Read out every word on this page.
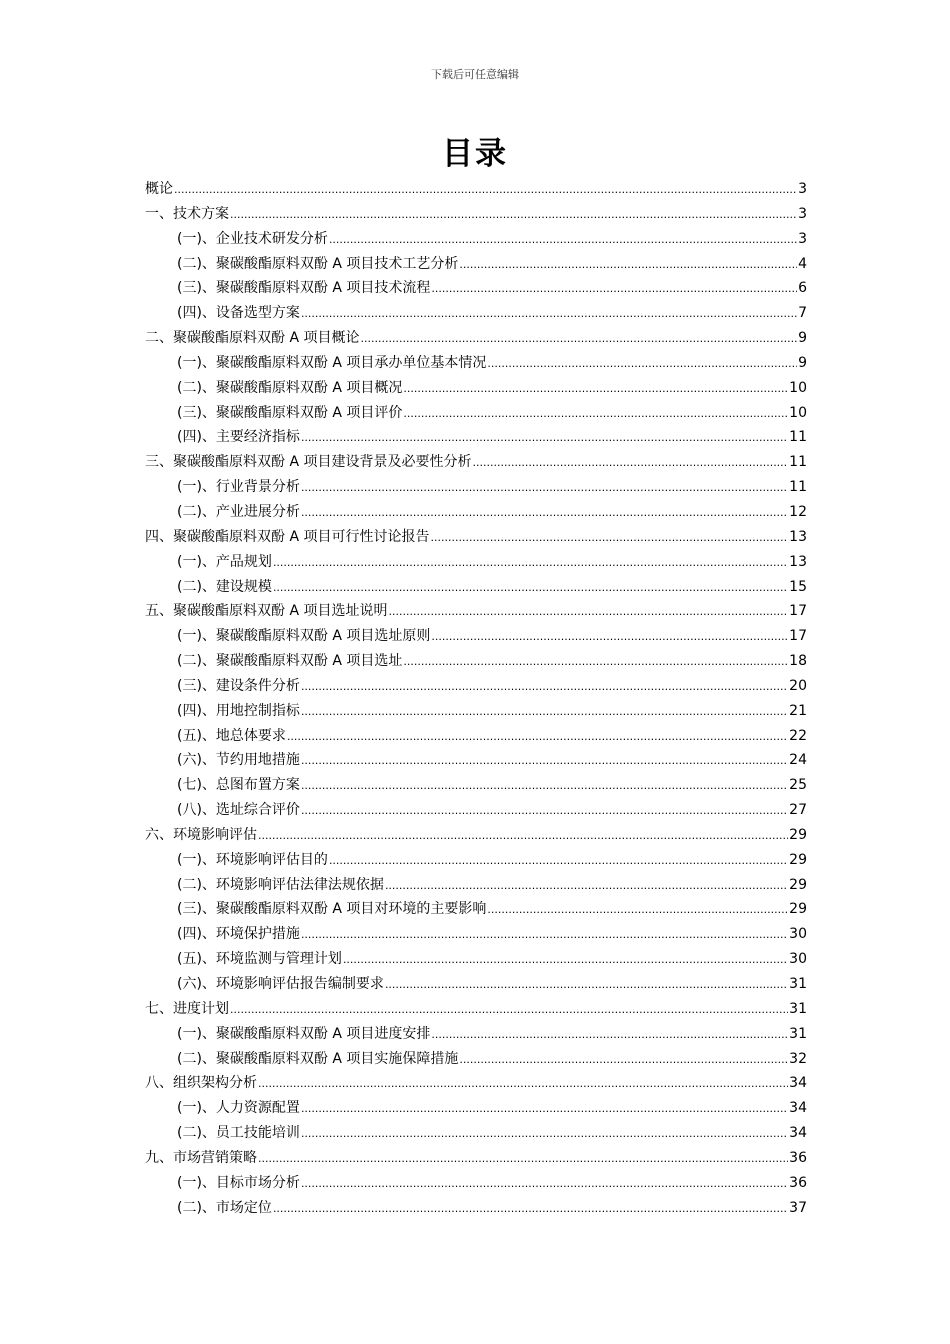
下载后可任意编辑
目录
概论 .....	3
一、技术方案 .....	3
(一)、企业技术研发分析 .....	3
(二)、聚碳酸酯原料双酚 A 项目技术工艺分析 .....	4
(三)、聚碳酸酯原料双酚 A 项目技术流程 .....	6
(四)、设备选型方案 .....	7
二、聚碳酸酯原料双酚 A 项目概论 .....	9
(一)、聚碳酸酯原料双酚 A 项目承办单位基本情况 .....	9
(二)、聚碳酸酯原料双酚 A 项目概况 .....	10
(三)、聚碳酸酯原料双酚 A 项目评价 .....	10
(四)、主要经济指标 .....	11
三、聚碳酸酯原料双酚 A 项目建设背景及必要性分析 .....	11
(一)、行业背景分析 .....	11
(二)、产业进展分析 .....	12
四、聚碳酸酯原料双酚 A 项目可行性讨论报告 .....	13
(一)、产品规划 .....	13
(二)、建设规模 .....	15
五、聚碳酸酯原料双酚 A 项目选址说明 .....	17
(一)、聚碳酸酯原料双酚 A 项目选址原则 .....	17
(二)、聚碳酸酯原料双酚 A 项目选址 .....	18
(三)、建设条件分析 .....	20
(四)、用地控制指标 .....	21
(五)、地总体要求 .....	22
(六)、节约用地措施 .....	24
(七)、总图布置方案 .....	25
(八)、选址综合评价 .....	27
六、环境影响评估 .....	29
(一)、环境影响评估目的 .....	29
(二)、环境影响评估法律法规依据 .....	29
(三)、聚碳酸酯原料双酚 A 项目对环境的主要影响 .....	29
(四)、环境保护措施 .....	30
(五)、环境监测与管理计划 .....	30
(六)、环境影响评估报告编制要求 .....	31
七、进度计划 .....	31
(一)、聚碳酸酯原料双酚 A 项目进度安排 .....	31
(二)、聚碳酸酯原料双酚 A 项目实施保障措施 .....	32
八、组织架构分析 .....	34
(一)、人力资源配置 .....	34
(二)、员工技能培训 .....	34
九、市场营销策略 .....	36
(一)、目标市场分析 .....	36
(二)、市场定位 .....	37
